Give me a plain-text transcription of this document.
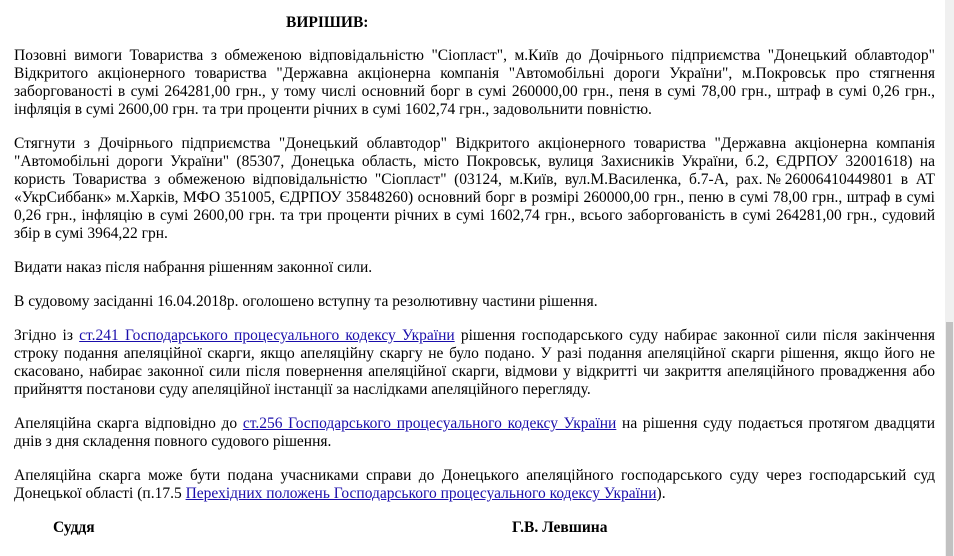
ВИРІШИВ:

Позовні вимоги Товариства з обмеженою відповідальністю "Сіопласт", м.Київ до Дочірнього підприємства "Донецький облавтодор" Відкритого акціонерного товариства "Державна акціонерна компанія "Автомобільні дороги України", м.Покровськ про стягнення заборгованості в сумі 264281,00 грн., у тому числі основний борг в сумі 260000,00 грн., пеня в сумі 78,00 грн., штраф в сумі 0,26 грн., інфляція в сумі 2600,00 грн. та три проценти річних в сумі 1602,74 грн., задовольнити повністю.

Стягнути з Дочірнього підприємства "Донецький облавтодор" Відкритого акціонерного товариства "Державна акціонерна компанія "Автомобільні дороги України" (85307, Донецька область, місто Покровськ, вулиця Захисників України, б.2, ЄДРПОУ 32001618) на користь Товариства з обмеженою відповідальністю "Сіопласт" (03124, м.Київ, вул.М.Василенка, б.7-А, рах.№26006410449801 в АТ «УкрСиббанк» м.Харків, МФО 351005, ЄДРПОУ 35848260) основний борг в розмірі 260000,00 грн., пеню в сумі 78,00 грн., штраф в сумі 0,26 грн., інфляцію в сумі 2600,00 грн. та три проценти річних в сумі 1602,74 грн., всього заборгованість в сумі 264281,00 грн., судовий збір в сумі 3964,22 грн.

Видати наказ після набрання рішенням законної сили.

В судовому засіданні 16.04.2018р. оголошено вступну та резолютивну частини рішення.

Згідно із ст.241 Господарського процесуального кодексу України рішення господарського суду набирає законної сили після закінчення строку подання апеляційної скарги, якщо апеляційну скаргу не було подано. У разі подання апеляційної скарги рішення, якщо його не скасовано, набирає законної сили після повернення апеляційної скарги, відмови у відкритті чи закриття апеляційного провадження або прийняття постанови суду апеляційної інстанції за наслідками апеляційного перегляду.

Апеляційна скарга відповідно до ст.256 Господарського процесуального кодексу України на рішення суду подається протягом двадцяти днів з дня складення повного судового рішення.

Апеляційна скарга може бути подана учасниками справи до Донецького апеляційного господарського суду через господарський суд Донецької області (п.17.5 Перехідних положень Господарського процесуального кодексу України).

Суддя	Г.В. Левшина
